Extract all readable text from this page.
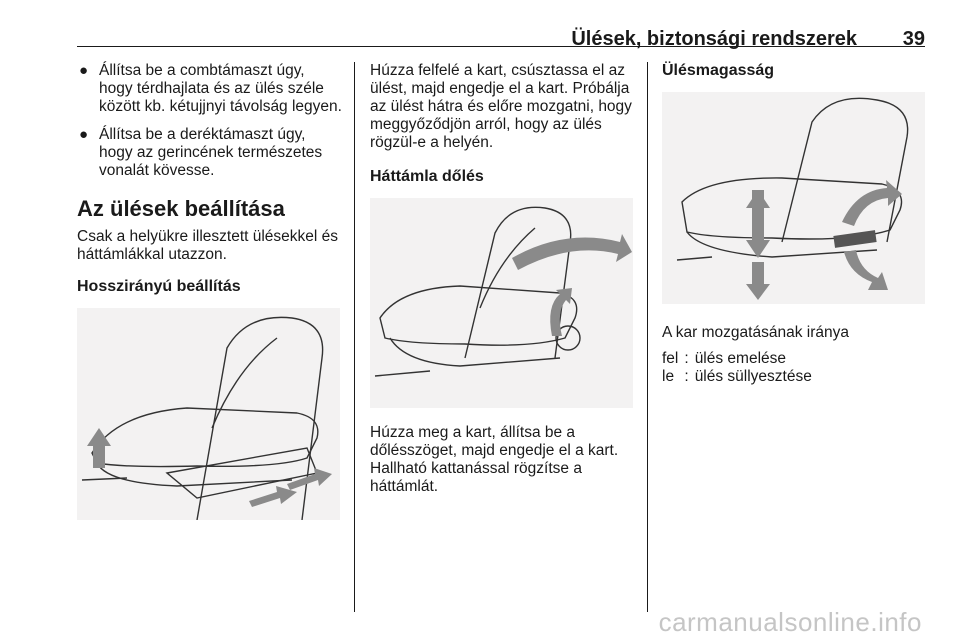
Ülések, biztonsági rendszerek 39
● Állítsa be a combtámaszt úgy, hogy térdhajlata és az ülés széle között kb. kétujjnyi távolság legyen.
● Állítsa be a deréktámaszt úgy, hogy az gerincének természetes vonalát kövesse.
Az ülések beállítása

Csak a helyükre illesztett ülésekkel és háttámlákkal utazzon.

Hosszirányú beállítás

Húzza felfelé a kart, csúsztassa el az ülést, majd engedje el a kart. Próbálja az ülést hátra és előre mozgatni, hogy meggyőződjön arról, hogy az ülés rögzül-e a helyén.

Háttámla dőlés

Húzza meg a kart, állítsa be a dőlésszöget, majd engedje el a kart. Hallható kattanással rögzítse a háttámlát.

Ülésmagasság

A kar mozgatásának iránya

fel	:	ülés emelése
le	:	ülés süllyesztése
carmanualsonline.info
